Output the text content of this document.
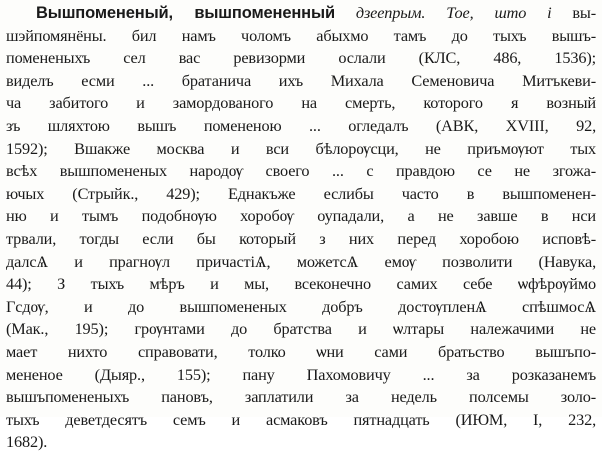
Вышпомененый, вышпомененный дзеепрым. Тое, што і вы-
шэйпомянёны. бил намъ чоломъ абыхмо тамъ до тыхъ вышъ-
помененыхъ сел вас ревизорми ослали (КЛС, 486, 1536);
виделъ есми ... братанича ихъ Михала Семеновича Митъкеви-
ча забитого и замордованого на смерть, которого я возный
зъ шляхтою вышъ помененою ... огледалъ (АВК, XVIII, 92,
1592); Вшакже москва и вси бѣлорѹсци, не приъмѹют тых
всѣх вышпомененых народѹ своего ... с правдою се не згожа-
ючых (Стрыйк., 429); Еднакъже еслибы часто в вышпоменен-
ню и тымъ подобнѹю хоробѹ оупадали, а не завше в нси
трвали, тогды если бы который з них перед хоробою исповѣ-
далсѦ и прагнѹл причастіѦ, можетсѦ емѹ позволити (Навука,
44); З тыхъ мѣръ и мы, всеконечно самих себе ѡфѣрѹймо
Гсдѹ, и до вышпомененых добръ достѹпленѦ спѣшмосѦ
(Мак., 195); грѹнтами до братства и ѡлтары належачими не
мает нихто справовати, толко ѡни сами братьство вышъпо-
мененое (Дыяр., 155); пану Пахомовичу ... за розказанемъ
вышъпомененыхъ пановъ, заплатили за недель полсемы золо-
тыхъ деветдесятъ семъ и асмаковъ пятнадцать (ИЮМ, I, 232,
1682).
